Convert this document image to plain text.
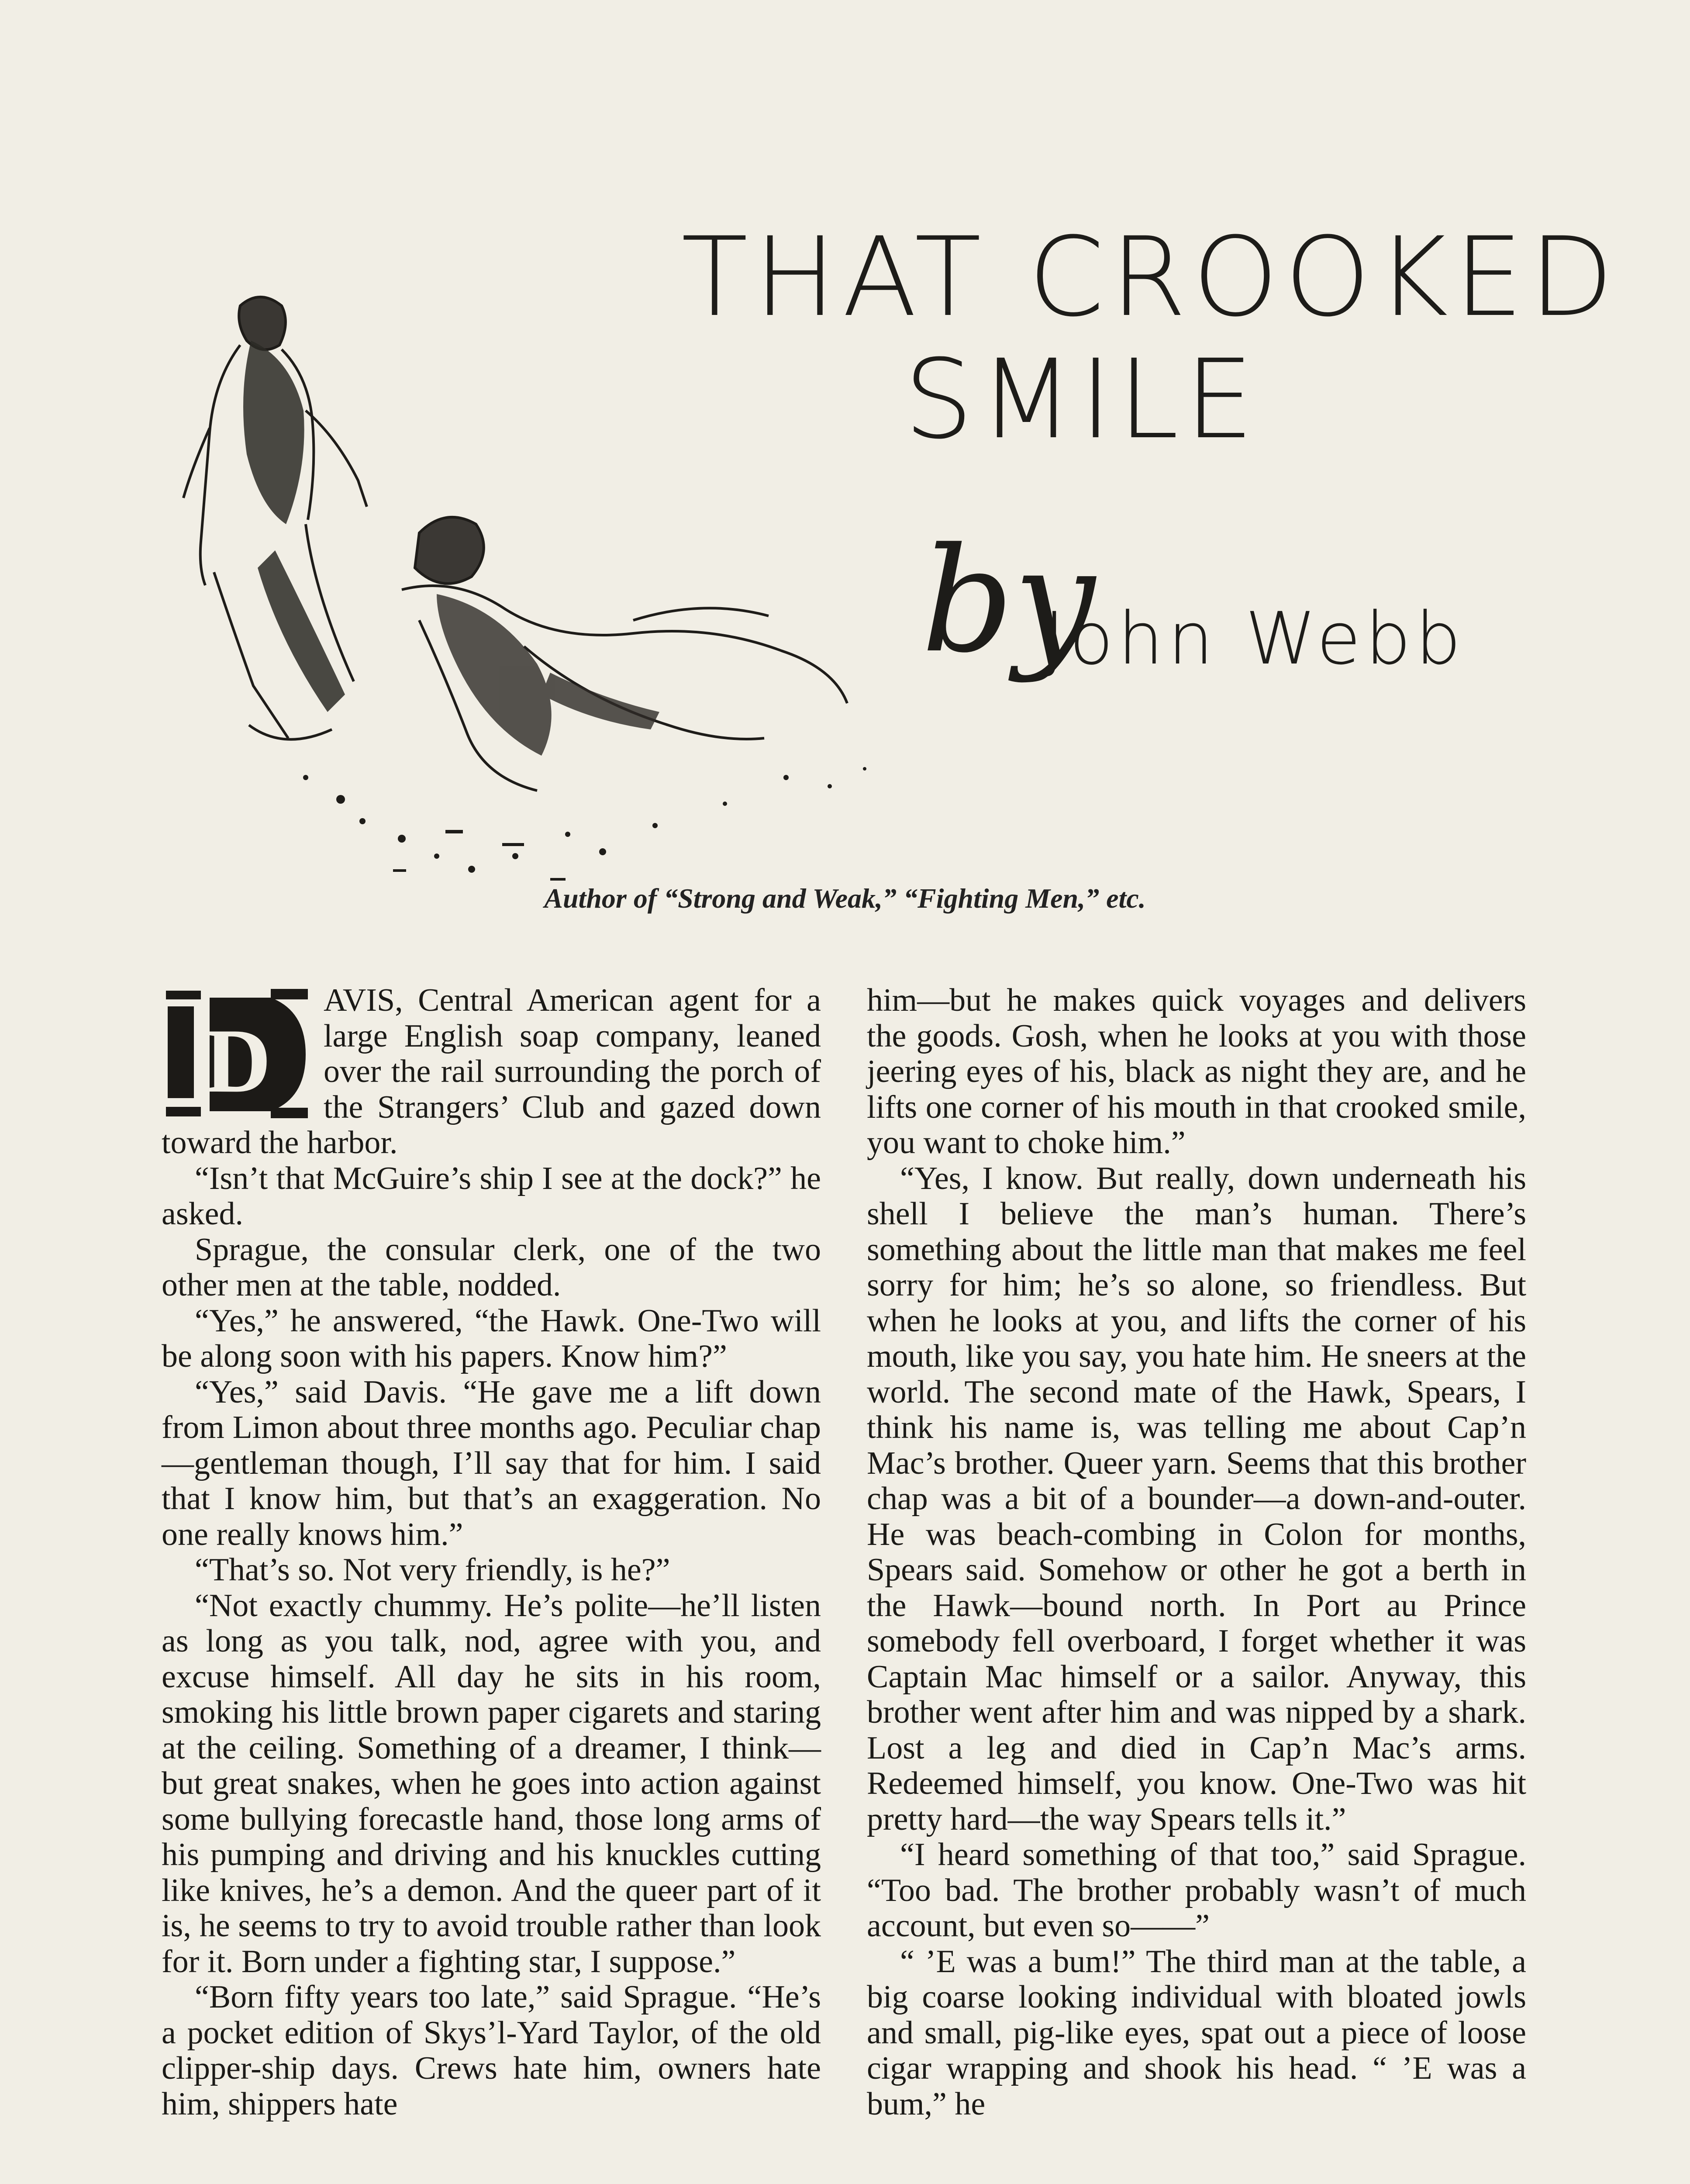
THAT CROOKED
SMILE
by
John Webb
Author of “Strong and Weak,” “Fighting Men,” etc.
D

AVIS, Central American agent for a large English soap company, leaned over the rail surrounding the porch of the Strangers’ Club and gazed down toward the harbor.

“Isn’t that McGuire’s ship I see at the dock?” he asked.

Sprague, the consular clerk, one of the two other men at the table, nodded.

“Yes,” he answered, “the Hawk. One-Two will be along soon with his papers. Know him?”

“Yes,” said Davis. “He gave me a lift down from Limon about three months ago. Peculiar chap—gentleman though, I’ll say that for him. I said that I know him, but that’s an exaggeration. No one really knows him.”

“That’s so. Not very friendly, is he?”

“Not exactly chummy. He’s polite—he’ll listen as long as you talk, nod, agree with you, and excuse himself. All day he sits in his room, smoking his little brown paper cigarets and staring at the ceiling. Something of a dreamer, I think—but great snakes, when he goes into action against some bullying forecastle hand, those long arms of his pumping and driving and his knuckles cutting like knives, he’s a demon. And the queer part of it is, he seems to try to avoid trouble rather than look for it. Born under a fighting star, I suppose.”

“Born fifty years too late,” said Sprague. “He’s a pocket edition of Skys’l-Yard Taylor, of the old clipper-ship days. Crews hate him, owners hate him, shippers hate

him—but he makes quick voyages and delivers the goods. Gosh, when he looks at you with those jeering eyes of his, black as night they are, and he lifts one corner of his mouth in that crooked smile, you want to choke him.”

“Yes, I know. But really, down underneath his shell I believe the man’s human. There’s something about the little man that makes me feel sorry for him; he’s so alone, so friendless. But when he looks at you, and lifts the corner of his mouth, like you say, you hate him. He sneers at the world. The second mate of the Hawk, Spears, I think his name is, was telling me about Cap’n Mac’s brother. Queer yarn. Seems that this brother chap was a bit of a bounder—a down-and-outer. He was beach-combing in Colon for months, Spears said. Somehow or other he got a berth in the Hawk—bound north. In Port au Prince somebody fell overboard, I forget whether it was Captain Mac himself or a sailor. Anyway, this brother went after him and was nipped by a shark. Lost a leg and died in Cap’n Mac’s arms. Redeemed himself, you know. One-Two was hit pretty hard—the way Spears tells it.”

“I heard something of that too,” said Sprague. “Too bad. The brother probably wasn’t of much account, but even so——”

“ ’E was a bum!” The third man at the table, a big coarse looking individual with bloated jowls and small, pig-like eyes, spat out a piece of loose cigar wrapping and shook his head. “ ’E was a bum,” he
